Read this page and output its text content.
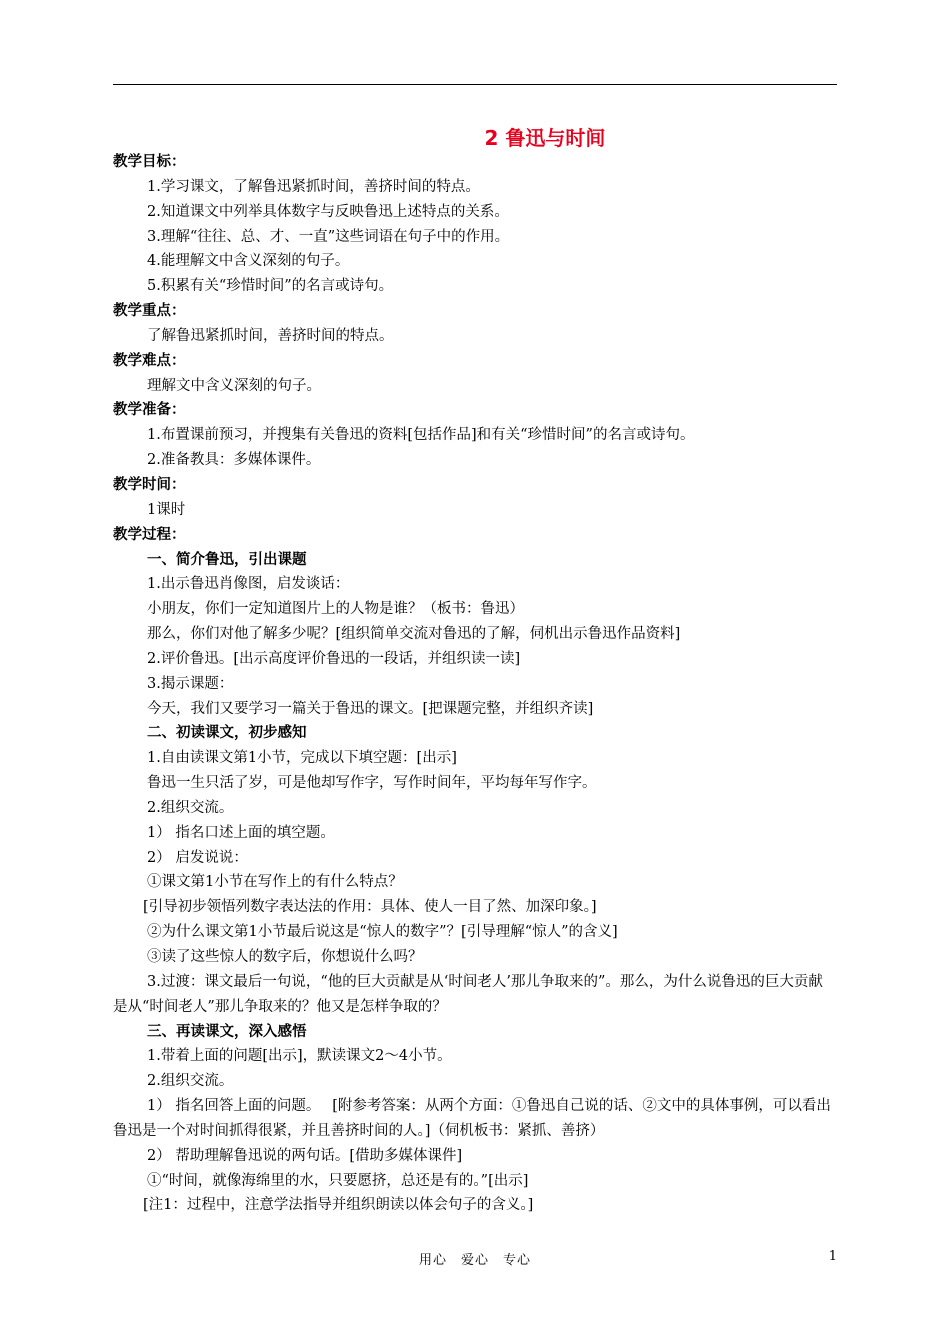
2 鲁迅与时间
教学目标：
1.学习课文，了解鲁迅紧抓时间，善挤时间的特点。
2.知道课文中列举具体数字与反映鲁迅上述特点的关系。
3.理解“往往、总、才、一直”这些词语在句子中的作用。
4.能理解文中含义深刻的句子。
5.积累有关“珍惜时间”的名言或诗句。
教学重点：
了解鲁迅紧抓时间，善挤时间的特点。
教学难点：
理解文中含义深刻的句子。
教学准备：
1.布置课前预习，并搜集有关鲁迅的资料[包括作品]和有关“珍惜时间”的名言或诗句。
2.准备教具：多媒体课件。
教学时间：
1课时
教学过程：
一、简介鲁迅，引出课题
1.出示鲁迅肖像图，启发谈话：
小朋友，你们一定知道图片上的人物是谁？（板书：鲁迅）
那么，你们对他了解多少呢？[组织简单交流对鲁迅的了解，伺机出示鲁迅作品资料]
2.评价鲁迅。[出示高度评价鲁迅的一段话，并组织读一读]
3.揭示课题：
今天，我们又要学习一篇关于鲁迅的课文。[把课题完整，并组织齐读]
二、初读课文，初步感知
1.自由读课文第1小节，完成以下填空题：[出示]
鲁迅一生只活了岁，可是他却写作字，写作时间年，平均每年写作字。
2.组织交流。
1） 指名口述上面的填空题。
2） 启发说说：
①课文第1小节在写作上的有什么特点？
[引导初步领悟列数字表达法的作用：具体、使人一目了然、加深印象。]
②为什么课文第1小节最后说这是“惊人的数字”？[引导理解“惊人”的含义]
③读了这些惊人的数字后，你想说什么吗？
3.过渡：课文最后一句说，“他的巨大贡献是从‘时间老人’那儿争取来的”。那么，为什么说鲁迅的巨大贡献是从“时间老人”那儿争取来的？他又是怎样争取的？
三、再读课文，深入感悟
1.带着上面的问题[出示]，默读课文2～4小节。
2.组织交流。
1） 指名回答上面的问题。　 [附参考答案：从两个方面：①鲁迅自己说的话、②文中的具体事例，可以看出鲁迅是一个对时间抓得很紧，并且善挤时间的人。]（伺机板书：紧抓、善挤）
2） 帮助理解鲁迅说的两句话。[借助多媒体课件]
①“时间，就像海绵里的水，只要愿挤，总还是有的。”[出示]
[注1：过程中，注意学法指导并组织朗读以体会句子的含义。]
用心　爱心　专心	1
